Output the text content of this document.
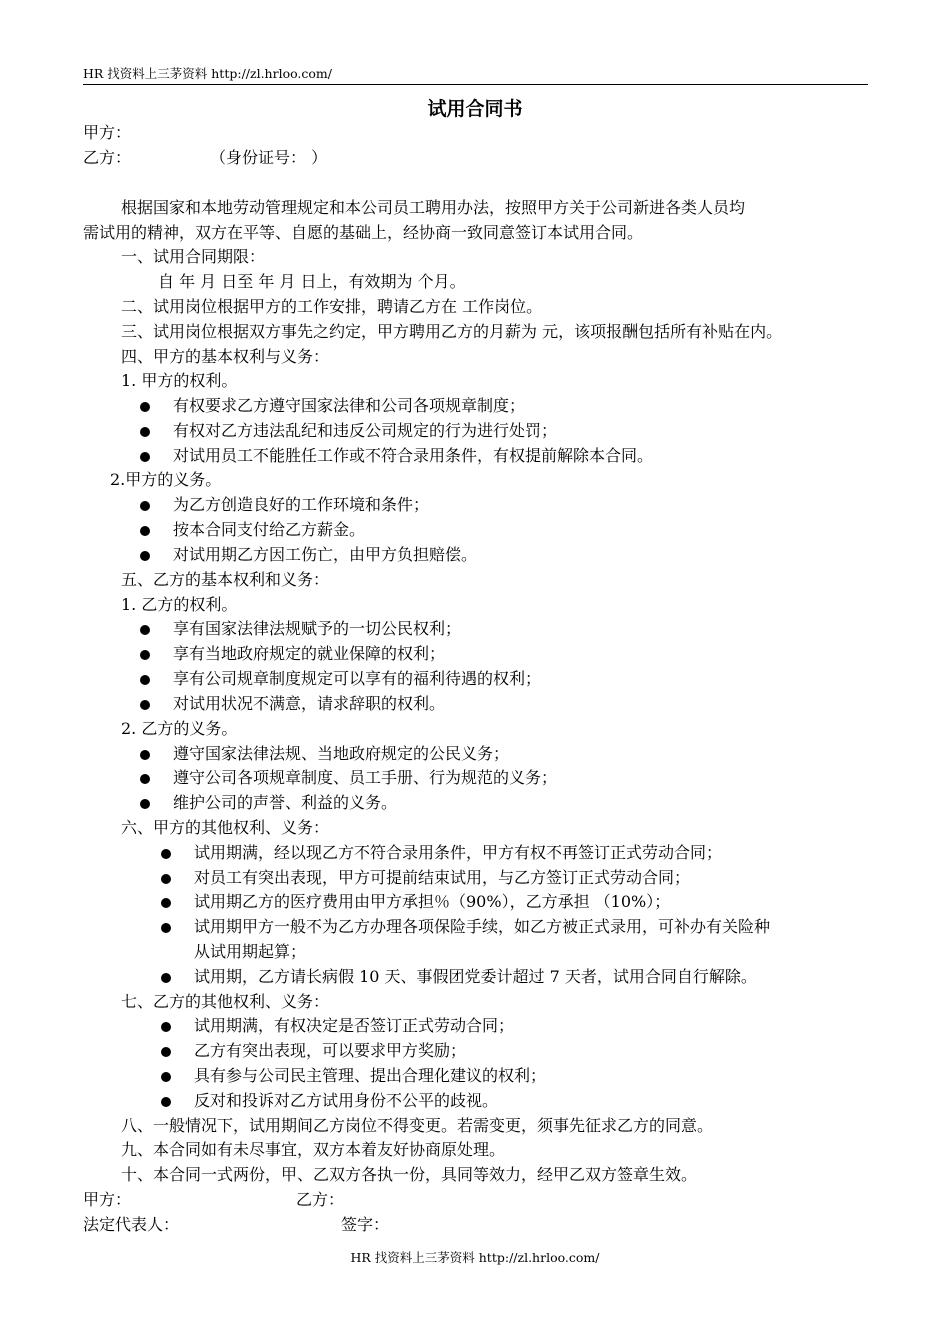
HR 找资料上三茅资料 http://zl.hrloo.com/
试用合同书
甲方：
乙方：	（身份证号： ）
根据国家和本地劳动管理规定和本公司员工聘用办法，按照甲方关于公司新进各类人员均
需试用的精神，双方在平等、自愿的基础上，经协商一致同意签订本试用合同。
一、试用合同期限：
自 年 月 日至 年 月 日上，有效期为 个月。
二、试用岗位根据甲方的工作安排，聘请乙方在 工作岗位。
三、试用岗位根据双方事先之约定，甲方聘用乙方的月薪为 元，该项报酬包括所有补贴在内。
四、甲方的基本权利与义务：
1. 甲方的权利。
有权要求乙方遵守国家法律和公司各项规章制度；
有权对乙方违法乱纪和违反公司规定的行为进行处罚；
对试用员工不能胜任工作或不符合录用条件，有权提前解除本合同。
2.甲方的义务。
为乙方创造良好的工作环境和条件；
按本合同支付给乙方薪金。
对试用期乙方因工伤亡，由甲方负担赔偿。
五、乙方的基本权利和义务：
1. 乙方的权利。
享有国家法律法规赋予的一切公民权利；
享有当地政府规定的就业保障的权利；
享有公司规章制度规定可以享有的福利待遇的权利；
对试用状况不满意，请求辞职的权利。
2. 乙方的义务。
遵守国家法律法规、当地政府规定的公民义务；
遵守公司各项规章制度、员工手册、行为规范的义务；
维护公司的声誉、利益的义务。
六、甲方的其他权利、义务：
试用期满，经以现乙方不符合录用条件，甲方有权不再签订正式劳动合同；
对员工有突出表现，甲方可提前结束试用，与乙方签订正式劳动合同；
试用期乙方的医疗费用由甲方承担％（90%），乙方承担 （10%）；
试用期甲方一般不为乙方办理各项保险手续，如乙方被正式录用，可补办有关险种
从试用期起算；
试用期，乙方请长病假 10 天、事假团党委计超过 7 天者，试用合同自行解除。
七、乙方的其他权利、义务：
试用期满，有权决定是否签订正式劳动合同；
乙方有突出表现，可以要求甲方奖励；
具有参与公司民主管理、提出合理化建议的权利；
反对和投诉对乙方试用身份不公平的歧视。
八、一般情况下，试用期间乙方岗位不得变更。若需变更，须事先征求乙方的同意。
九、本合同如有未尽事宜，双方本着友好协商原处理。
十、本合同一式两份，甲、乙双方各执一份，具同等效力，经甲乙双方签章生效。
甲方：	乙方：
法定代表人：	签字：
HR 找资料上三茅资料 http://zl.hrloo.com/
